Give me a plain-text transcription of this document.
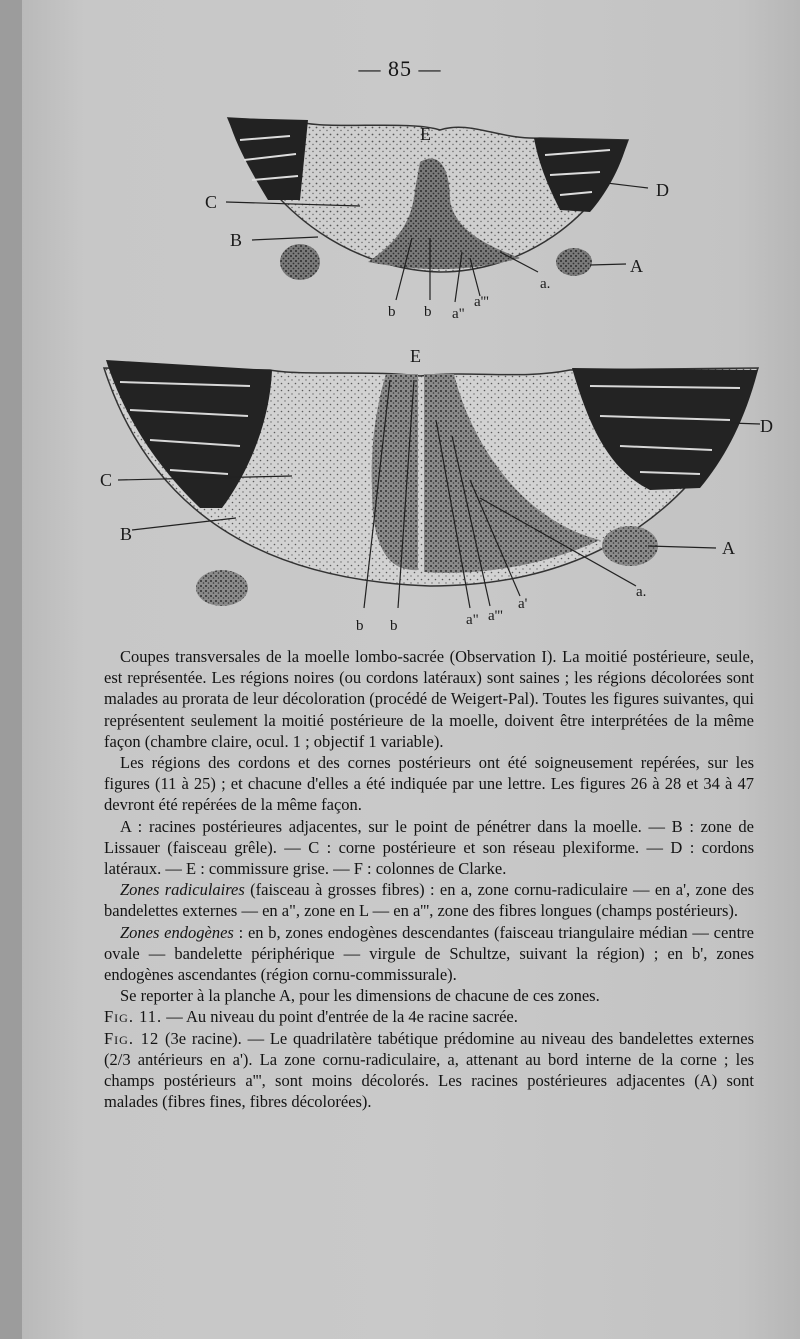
— 85 —
E
C
B
D
A
a.
b b a"
a'''
E
C
B
D
A
a.
b b	a" a'''
a'

Coupes transversales de la moelle lombo-sacrée (Observation I). La moitié postérieure, seule, est représentée. Les régions noires (ou cordons latéraux) sont saines ; les régions décolorées sont malades au prorata de leur décoloration (procédé de Weigert-Pal). Toutes les figures suivantes, qui représentent seulement la moitié postérieure de la moelle, doivent être interprétées de la même façon (chambre claire, ocul. 1 ; objectif 1 variable).

Les régions des cordons et des cornes postérieurs ont été soigneusement repérées, sur les figures (11 à 25) ; et chacune d'elles a été indiquée par une lettre. Les figures 26 à 28 et 34 à 47 devront été repérées de la même façon.

A : racines postérieures adjacentes, sur le point de pénétrer dans la moelle. — B : zone de Lissauer (faisceau grêle). — C : corne postérieure et son réseau plexiforme. — D : cordons latéraux. — E : commissure grise. — F : colonnes de Clarke.

Zones radiculaires (faisceau à grosses fibres) : en a, zone cornu-radiculaire — en a', zone des bandelettes externes — en a", zone en L — en a''', zone des fibres longues (champs postérieurs).

Zones endogènes : en b, zones endogènes descendantes (faisceau triangulaire médian — centre ovale — bandelette périphérique — virgule de Schultze, suivant la région) ; en b', zones endogènes ascendantes (région cornu-commissurale).

Se reporter à la planche A, pour les dimensions de chacune de ces zones.

Fig. 11. — Au niveau du point d'entrée de la 4e racine sacrée.

Fig. 12 (3e racine). — Le quadrilatère tabétique prédomine au niveau des bandelettes externes (2/3 antérieurs en a'). La zone cornu-radiculaire, a, attenant au bord interne de la corne ; les champs postérieurs a''', sont moins décolorés. Les racines postérieures adjacentes (A) sont malades (fibres fines, fibres décolorées).
